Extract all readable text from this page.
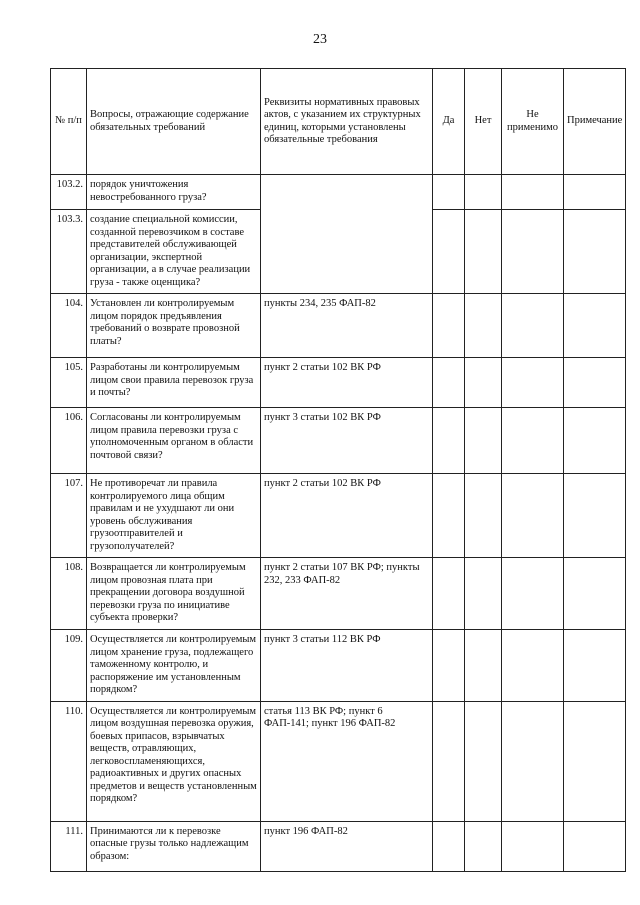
23
№ п/п	Вопросы, отражающие содержание обязательных требований	Реквизиты нормативных правовых актов, с указанием их структурных единиц, которыми установлены обязательные требования	Да	Нет	Не применимо	Примечание
103.2.	порядок уничтожения невостребованного груза?					
103.3.	создание специальной комиссии, созданной перевозчиком в составе представителей обслуживающей организации, экспертной организации, а в случае реализации груза - также оценщика?					
104.	Установлен ли контролируемым лицом порядок предъявления требований о возврате провозной платы?	пункты 234, 235 ФАП-82				
105.	Разработаны ли контролируемым лицом свои правила перевозок груза и почты?	пункт 2 статьи 102 ВК РФ				
106.	Согласованы ли контролируемым лицом правила перевозки груза с уполномоченным органом в области почтовой связи?	пункт 3 статьи 102 ВК РФ				
107.	Не противоречат ли правила контролируемого лица общим правилам и не ухудшают ли они уровень обслуживания грузоотправителей и грузополучателей?	пункт 2 статьи 102 ВК РФ				
108.	Возвращается ли контролируемым лицом провозная плата при прекращении договора воздушной перевозки груза по инициативе субъекта проверки?	пункт 2 статьи 107 ВК РФ; пункты 232, 233 ФАП-82				
109.	Осуществляется ли контролируемым лицом хранение груза, подлежащего таможенному контролю, и распоряжение им установленным порядком?	пункт 3 статьи 112 ВК РФ				
110.	Осуществляется ли контролируемым лицом воздушная перевозка оружия, боевых припасов, взрывчатых веществ, отравляющих, легковоспламеняющихся, радиоактивных и других опасных предметов и веществ установленным порядком?	статья 113 ВК РФ; пункт 6 ФАП-141; пункт 196 ФАП-82				
111.	Принимаются ли к перевозке опасные грузы только надлежащим образом:	пункт 196 ФАП-82				
